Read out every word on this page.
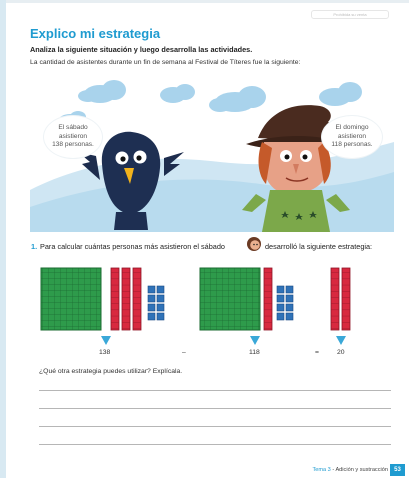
Prohibida su venta
Explico mi estrategia
Analiza la siguiente situación y luego desarrolla las actividades.
La cantidad de asistentes durante un fin de semana al Festival de Títeres fue la siguiente:
El sábado
asistieron
138 personas.
El domingo
asistieron
118 personas.
1. Para calcular cuántas personas más asistieron el sábado	desarrolló la siguiente estrategia:
138	–	118	=	20
¿Qué otra estrategia puedes utilizar? Explícala.
Tema 3 - Adición y sustracción	53
